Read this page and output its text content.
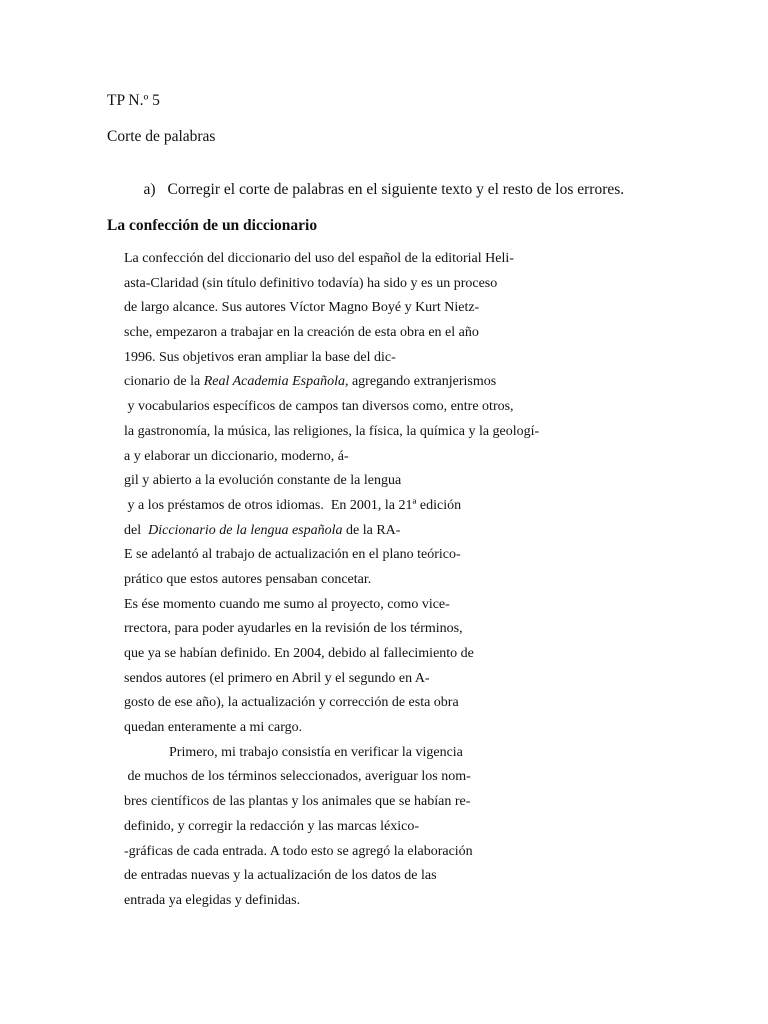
TP N.º 5
Corte de palabras

a) Corregir el corte de palabras en el siguiente texto y el resto de los errores.

La confección de un diccionario
La confección del diccionario del uso del español de la editorial Heli-
asta-Claridad (sin título definitivo todavía) ha sido y es un proceso
de largo alcance. Sus autores Víctor Magno Boyé y Kurt Nietz-
sche, empezaron a trabajar en la creación de esta obra en el año
1996. Sus objetivos eran ampliar la base del dic-
cionario de la Real Academia Española, agregando extranjerismos
y vocabularios específicos de campos tan diversos como, entre otros,
la gastronomía, la música, las religiones, la física, la química y la geologí-
a y elaborar un diccionario, moderno, á-
gil y abierto a la evolución constante de la lengua
y a los préstamos de otros idiomas.  En 2001, la 21ª edición
del  Diccionario de la lengua española de la RA-
E se adelantó al trabajo de actualización en el plano teórico-
prático que estos autores pensaban concetar.
Es ése momento cuando me sumo al proyecto, como vice-
rrectora, para poder ayudarles en la revisión de los términos,
que ya se habían definido. En 2004, debido al fallecimiento de
sendos autores (el primero en Abril y el segundo en A-
gosto de ese año), la actualización y corrección de esta obra
quedan enteramente a mi cargo.
Primero, mi trabajo consistía en verificar la vigencia
de muchos de los términos seleccionados, averiguar los nom-
bres científicos de las plantas y los animales que se habían re-
definido, y corregir la redacción y las marcas léxico-
-gráficas de cada entrada. A todo esto se agregó la elaboración
de entradas nuevas y la actualización de los datos de las
entrada ya elegidas y definidas.
